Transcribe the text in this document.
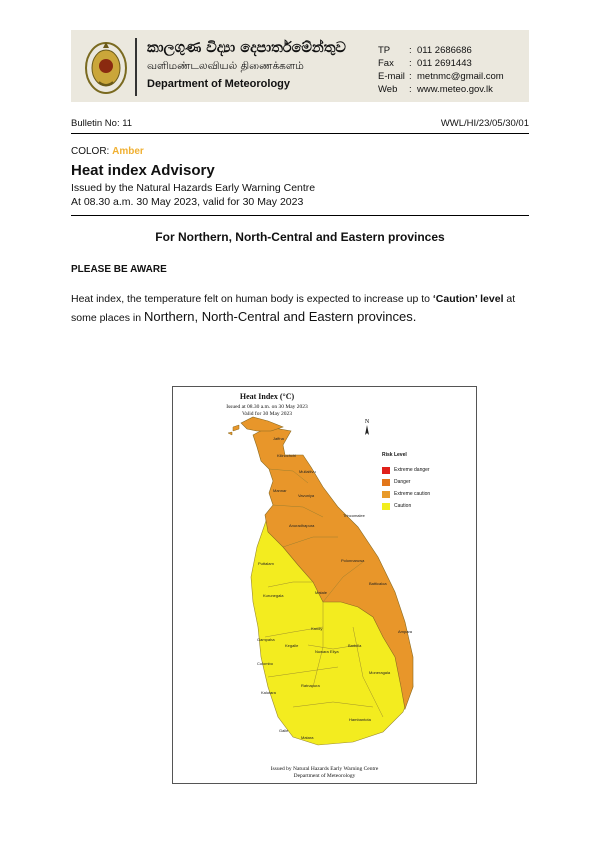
කාලගුණ විද්‍යා දෙපාර්තමේන්තුව
வளிமண்டலவியல் திணைக்களம்
Department of Meteorology
TP : 011 2686686
Fax : 011 2691443
E-mail : metnmc@gmail.com
Web : www.meteo.gov.lk
Bulletin No: 11	WWL/HI/23/05/30/01
COLOR: Amber
Heat index Advisory
Issued by the Natural Hazards Early Warning Centre
At 08.30 a.m. 30 May 2023, valid for 30 May 2023
For Northern, North-Central and Eastern provinces
PLEASE BE AWARE
Heat index, the temperature felt on human body is expected to increase up to ‘Caution’ level at some places in Northern, North-Central and Eastern provinces.
Jaffna
Kilinochchi
Mullaitivu
Mannar
Vavuniya
Trincomalee
Anuradhapura
Polonnaruwa
Batticaloa
Ampara
Puttalam
Kurunegala
Matale
Kandy
Gampaha
Kegalle
Nuwara Eliya
Badulla
Colombo
Moneragala
Kalutara
Ratnapura
Hambantota
Galle
Matara
Heat Index (°C)
Issued at 08.30 a.m. on 30 May 2023
Valid for 30 May 2023
N
Risk Level
Extreme danger
Danger
Extreme caution
Caution
Issued by Natural Hazards Early Warning Centre
Department of Meteorology
